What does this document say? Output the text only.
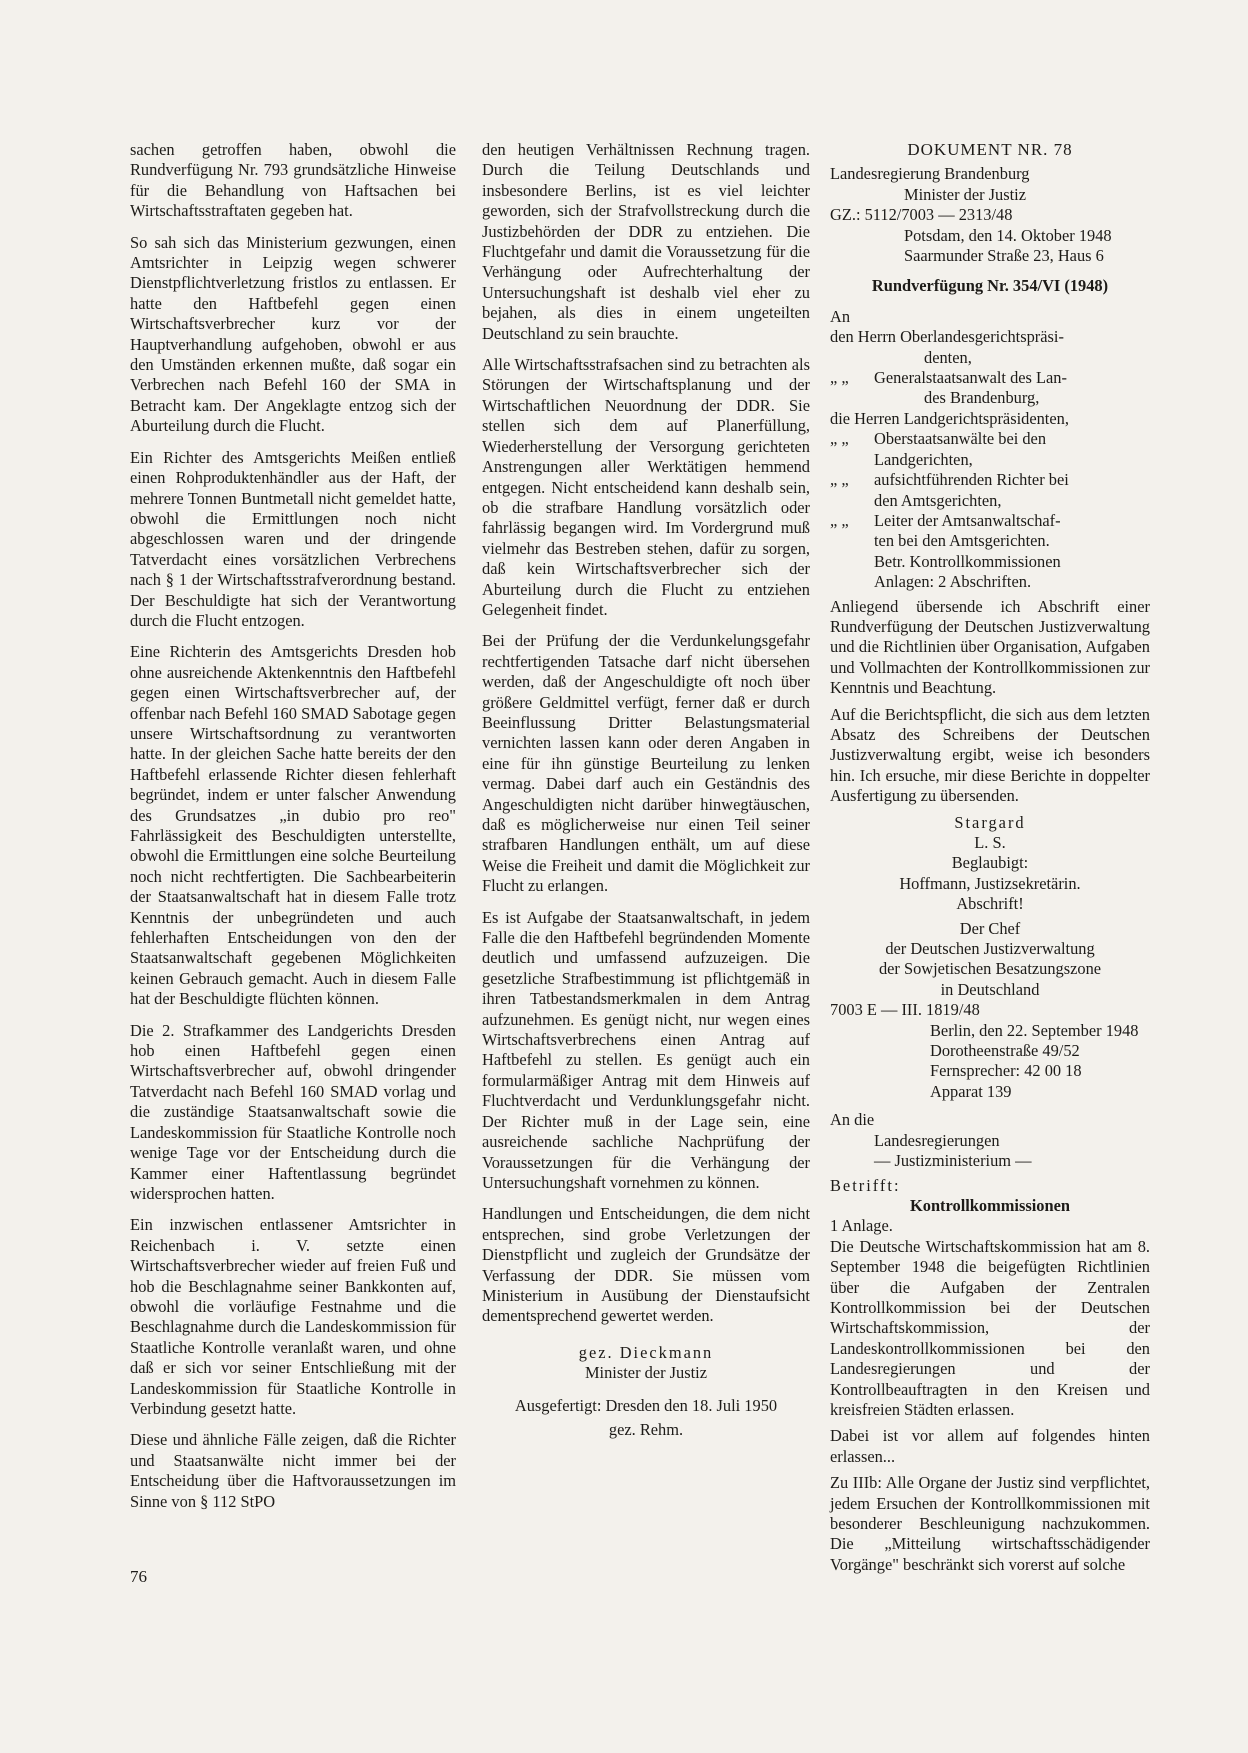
sachen getroffen haben, obwohl die Rundverfügung Nr. 793 grundsätzliche Hinweise für die Behandlung von Haftsachen bei Wirtschaftsstraftaten gegeben hat.

So sah sich das Ministerium gezwungen, einen Amtsrichter in Leipzig wegen schwerer Dienstpflichtverletzung fristlos zu entlassen. Er hatte den Haftbefehl gegen einen Wirtschaftsverbrecher kurz vor der Hauptverhandlung aufgehoben, obwohl er aus den Umständen erkennen mußte, daß sogar ein Verbrechen nach Befehl 160 der SMA in Betracht kam. Der Angeklagte entzog sich der Aburteilung durch die Flucht.

Ein Richter des Amtsgerichts Meißen entließ einen Rohproduktenhändler aus der Haft, der mehrere Tonnen Buntmetall nicht gemeldet hatte, obwohl die Ermittlungen noch nicht abgeschlossen waren und der dringende Tatverdacht eines vorsätzlichen Verbrechens nach § 1 der Wirtschaftsstrafverordnung bestand. Der Beschuldigte hat sich der Verantwortung durch die Flucht entzogen.

Eine Richterin des Amtsgerichts Dresden hob ohne ausreichende Aktenkenntnis den Haftbefehl gegen einen Wirtschaftsverbrecher auf, der offenbar nach Befehl 160 SMAD Sabotage gegen unsere Wirtschaftsordnung zu verantworten hatte. In der gleichen Sache hatte bereits der den Haftbefehl erlassende Richter diesen fehlerhaft begründet, indem er unter falscher Anwendung des Grundsatzes „in dubio pro reo" Fahrlässigkeit des Beschuldigten unterstellte, obwohl die Ermittlungen eine solche Beurteilung noch nicht rechtfertigten. Die Sachbearbeiterin der Staatsanwaltschaft hat in diesem Falle trotz Kenntnis der unbegründeten und auch fehlerhaften Entscheidungen von den der Staatsanwaltschaft gegebenen Möglichkeiten keinen Gebrauch gemacht. Auch in diesem Falle hat der Beschuldigte flüchten können.

Die 2. Strafkammer des Landgerichts Dresden hob einen Haftbefehl gegen einen Wirtschaftsverbrecher auf, obwohl dringender Tatverdacht nach Befehl 160 SMAD vorlag und die zuständige Staatsanwaltschaft sowie die Landeskommission für Staatliche Kontrolle noch wenige Tage vor der Entscheidung durch die Kammer einer Haftentlassung begründet widersprochen hatten.

Ein inzwischen entlassener Amtsrichter in Reichenbach i. V. setzte einen Wirtschaftsverbrecher wieder auf freien Fuß und hob die Beschlagnahme seiner Bankkonten auf, obwohl die vorläufige Festnahme und die Beschlagnahme durch die Landeskommission für Staatliche Kontrolle veranlaßt waren, und ohne daß er sich vor seiner Entschließung mit der Landeskommission für Staatliche Kontrolle in Verbindung gesetzt hatte.

Diese und ähnliche Fälle zeigen, daß die Richter und Staatsanwälte nicht immer bei der Entscheidung über die Haftvoraussetzungen im Sinne von § 112 StPO

den heutigen Verhältnissen Rechnung tragen. Durch die Teilung Deutschlands und insbesondere Berlins, ist es viel leichter geworden, sich der Strafvollstreckung durch die Justizbehörden der DDR zu entziehen. Die Fluchtgefahr und damit die Voraussetzung für die Verhängung oder Aufrechterhaltung der Untersuchungshaft ist deshalb viel eher zu bejahen, als dies in einem ungeteilten Deutschland zu sein brauchte.

Alle Wirtschaftsstrafsachen sind zu betrachten als Störungen der Wirtschaftsplanung und der Wirtschaftlichen Neuordnung der DDR. Sie stellen sich dem auf Planerfüllung, Wiederherstellung der Versorgung gerichteten Anstrengungen aller Werktätigen hemmend entgegen. Nicht entscheidend kann deshalb sein, ob die strafbare Handlung vorsätzlich oder fahrlässig begangen wird. Im Vordergrund muß vielmehr das Bestreben stehen, dafür zu sorgen, daß kein Wirtschaftsverbrecher sich der Aburteilung durch die Flucht zu entziehen Gelegenheit findet.

Bei der Prüfung der die Verdunkelungsgefahr rechtfertigenden Tatsache darf nicht übersehen werden, daß der Angeschuldigte oft noch über größere Geldmittel verfügt, ferner daß er durch Beeinflussung Dritter Belastungsmaterial vernichten lassen kann oder deren Angaben in eine für ihn günstige Beurteilung zu lenken vermag. Dabei darf auch ein Geständnis des Angeschuldigten nicht darüber hinwegtäuschen, daß es möglicherweise nur einen Teil seiner strafbaren Handlungen enthält, um auf diese Weise die Freiheit und damit die Möglichkeit zur Flucht zu erlangen.

Es ist Aufgabe der Staatsanwaltschaft, in jedem Falle die den Haftbefehl begründenden Momente deutlich und umfassend aufzuzeigen. Die gesetzliche Strafbestimmung ist pflichtgemäß in ihren Tatbestandsmerkmalen in dem Antrag aufzunehmen. Es genügt nicht, nur wegen eines Wirtschaftsverbrechens einen Antrag auf Haftbefehl zu stellen. Es genügt auch ein formularmäßiger Antrag mit dem Hinweis auf Fluchtverdacht und Verdunklungsgefahr nicht. Der Richter muß in der Lage sein, eine ausreichende sachliche Nachprüfung der Voraussetzungen für die Verhängung der Untersuchungshaft vornehmen zu können.

Handlungen und Entscheidungen, die dem nicht entsprechen, sind grobe Verletzungen der Dienstpflicht und zugleich der Grundsätze der Verfassung der DDR. Sie müssen vom Ministerium in Ausübung der Dienstaufsicht dementsprechend gewertet werden.

gez. Dieckmann

Minister der Justiz

Ausgefertigt: Dresden den 18. Juli 1950

gez. Rehm.

DOKUMENT NR. 78
Landesregierung Brandenburg
Minister der Justiz
GZ.: 5112/7003 — 2313/48
Potsdam, den 14. Oktober 1948
Saarmunder Straße 23, Haus 6
Rundverfügung Nr. 354/VI (1948)
An
den Herrn Oberlandesgerichtspräsi-
denten,
„ „ Generalstaatsanwalt des Lan-
des Brandenburg,
die Herren Landgerichtspräsidenten,
„ „ Oberstaatsanwälte bei den
Landgerichten,
„ „ aufsichtführenden Richter bei
den Amtsgerichten,
„ „ Leiter der Amtsanwaltschaf-
ten bei den Amtsgerichten.
Betr. Kontrollkommissionen
Anlagen: 2 Abschriften.

Anliegend übersende ich Abschrift einer Rundverfügung der Deutschen Justizverwaltung und die Richtlinien über Organisation, Aufgaben und Vollmachten der Kontrollkommissionen zur Kenntnis und Beachtung.

Auf die Berichtspflicht, die sich aus dem letzten Absatz des Schreibens der Deutschen Justizverwaltung ergibt, weise ich besonders hin. Ich ersuche, mir diese Berichte in doppelter Ausfertigung zu übersenden.

Stargard
L. S.
Beglaubigt:
Hoffmann, Justizsekretärin.
Abschrift!
Der Chef
der Deutschen Justizverwaltung
der Sowjetischen Besatzungszone
in Deutschland
7003 E — III. 1819/48
Berlin, den 22. September 1948
Dorotheenstraße 49/52
Fernsprecher: 42 00 18
Apparat 139
An die
Landesregierungen
— Justizministerium —
Betrifft:
Kontrollkommissionen
1 Anlage.

Die Deutsche Wirtschaftskommission hat am 8. September 1948 die beigefügten Richtlinien über die Aufgaben der Zentralen Kontrollkommission bei der Deutschen Wirtschaftskommission, der Landeskontrollkommissionen bei den Landesregierungen und der Kontrollbeauftragten in den Kreisen und kreisfreien Städten erlassen.

Dabei ist vor allem auf folgendes hinten erlassen...

Zu IIIb: Alle Organe der Justiz sind verpflichtet, jedem Ersuchen der Kontrollkommissionen mit besonderer Beschleunigung nachzukommen. Die „Mitteilung wirtschaftsschädigender Vorgänge" beschränkt sich vorerst auf solche

76
